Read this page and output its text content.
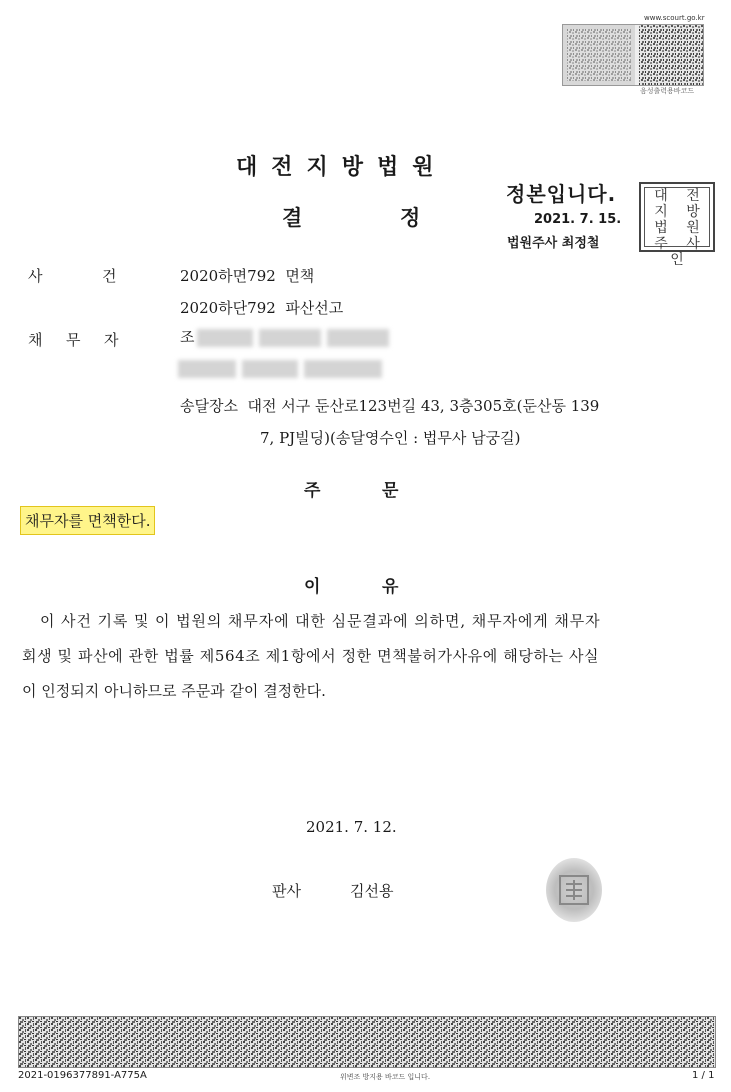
www.scourt.go.kr
음성출력용바코드
대전지방법원
결	정
정본입니다.
2021. 7. 15.
법원주사 최정철
대	전
지	방
법	원
주	사
인
사	건	2020하면792  면책
2020하단792  파산선고
채 무 자	조
송달장소  대전 서구 둔산로123번길 43, 3층305호(둔산동 139
7, PJ빌딩)(송달영수인 : 법무사 남궁길)
주	문
채무자를 면책한다.
이	유

이 사건 기록 및 이 법원의 채무자에 대한 심문결과에 의하면, 채무자에게 채무자

회생 및 파산에 관한 법률 제564조 제1항에서 정한 면책불허가사유에 해당하는 사실

이 인정되지 아니하므로 주문과 같이 결정한다.

2021. 7. 12.
판사	김선용
2021-0196377891-A775A	위변조 방지용 바코드 입니다.	1 / 1
